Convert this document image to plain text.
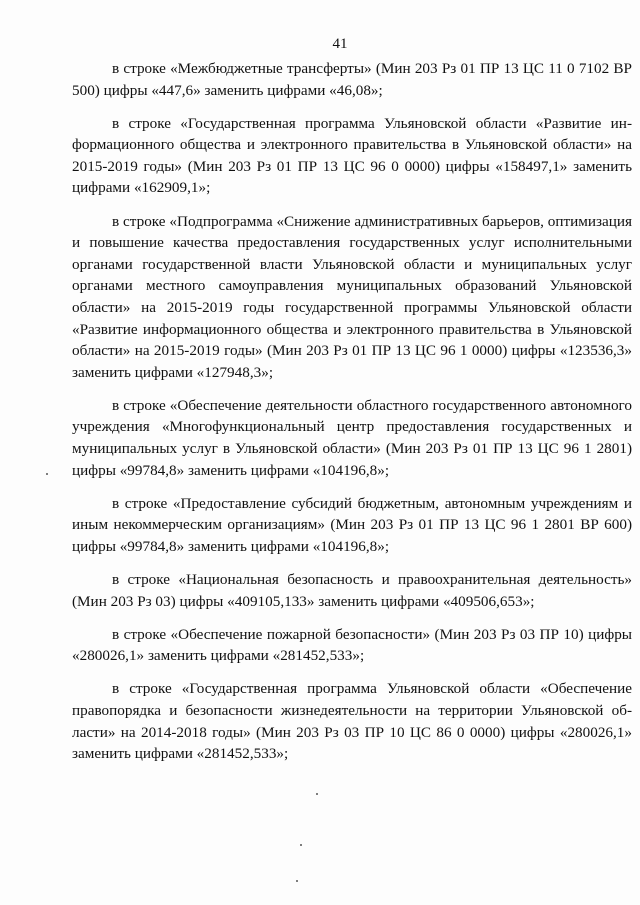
41

в строке «Межбюджетные трансферты» (Мин 203 Рз 01 ПР 13 ЦС 11 0 7102 ВР 500) цифры «447,6» заменить цифрами «46,08»;

в строке «Государственная программа Ульяновской области «Развитие информационного общества и электронного правительства в Ульяновской области» на 2015-2019 годы» (Мин 203 Рз 01 ПР 13 ЦС 96 0 0000) цифры «158497,1» заменить цифрами «162909,1»;

в строке «Подпрограмма «Снижение административных барьеров, оптимизация и повышение качества предоставления государственных услуг исполнительными органами государственной власти Ульяновской области и муниципальных услуг органами местного самоуправления муниципальных образований Ульяновской области» на 2015-2019 годы государственной программы Ульяновской области «Развитие информационного общества и электронного правительства в Ульяновской области» на 2015-2019 годы» (Мин 203 Рз 01 ПР 13 ЦС 96 1 0000) цифры «123536,3» заменить цифрами «127948,3»;

в строке «Обеспечение деятельности областного государственного автономного учреждения «Многофункциональный центр предоставления государственных и муниципальных услуг в Ульяновской области» (Мин 203 Рз 01 ПР 13 ЦС 96 1 2801) цифры «99784,8» заменить цифрами «104196,8»;

в строке «Предоставление субсидий бюджетным, автономным учреждениям и иным некоммерческим организациям» (Мин 203 Рз 01 ПР 13 ЦС 96 1 2801 ВР 600) цифры «99784,8» заменить цифрами «104196,8»;

в строке «Национальная безопасность и правоохранительная деятельность» (Мин 203 Рз 03) цифры «409105,133» заменить цифрами «409506,653»;

в строке «Обеспечение пожарной безопасности» (Мин 203 Рз 03 ПР 10) цифры «280026,1» заменить цифрами «281452,533»;

в строке «Государственная программа Ульяновской области «Обеспечение правопорядка и безопасности жизнедеятельности на территории Ульяновской области» на 2014-2018 годы» (Мин 203 Рз 03 ПР 10 ЦС 86 0 0000) цифры «280026,1» заменить цифрами «281452,533»;
